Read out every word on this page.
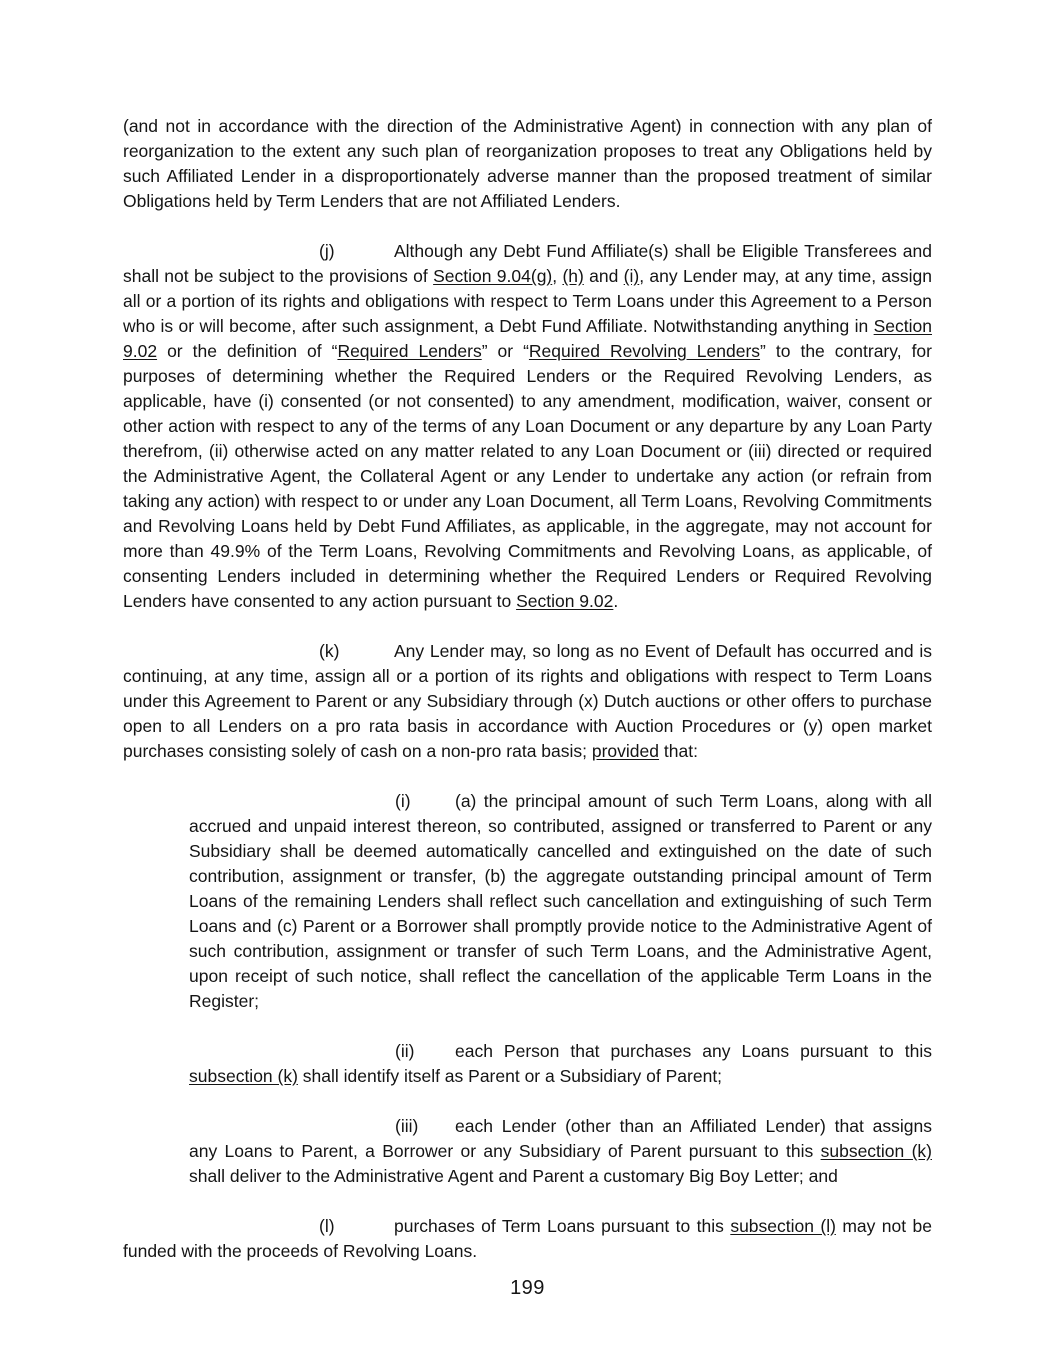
(and not in accordance with the direction of the Administrative Agent) in connection with any plan of reorganization to the extent any such plan of reorganization proposes to treat any Obligations held by such Affiliated Lender in a disproportionately adverse manner than the proposed treatment of similar Obligations held by Term Lenders that are not Affiliated Lenders.

(j)	Although any Debt Fund Affiliate(s) shall be Eligible Transferees and shall not be subject to the provisions of Section 9.04(g), (h) and (i), any Lender may, at any time, assign all or a portion of its rights and obligations with respect to Term Loans under this Agreement to a Person who is or will become, after such assignment, a Debt Fund Affiliate. Notwithstanding anything in Section 9.02 or the definition of “Required Lenders” or “Required Revolving Lenders” to the contrary, for purposes of determining whether the Required Lenders or the Required Revolving Lenders, as applicable, have (i) consented (or not consented) to any amendment, modification, waiver, consent or other action with respect to any of the terms of any Loan Document or any departure by any Loan Party therefrom, (ii) otherwise acted on any matter related to any Loan Document or (iii) directed or required the Administrative Agent, the Collateral Agent or any Lender to undertake any action (or refrain from taking any action) with respect to or under any Loan Document, all Term Loans, Revolving Commitments and Revolving Loans held by Debt Fund Affiliates, as applicable, in the aggregate, may not account for more than 49.9% of the Term Loans, Revolving Commitments and Revolving Loans, as applicable, of consenting Lenders included in determining whether the Required Lenders or Required Revolving Lenders have consented to any action pursuant to Section 9.02.

(k)	Any Lender may, so long as no Event of Default has occurred and is continuing, at any time, assign all or a portion of its rights and obligations with respect to Term Loans under this Agreement to Parent or any Subsidiary through (x) Dutch auctions or other offers to purchase open to all Lenders on a pro rata basis in accordance with Auction Procedures or (y) open market purchases consisting solely of cash on a non-pro rata basis; provided that:

(i)	(a) the principal amount of such Term Loans, along with all accrued and unpaid interest thereon, so contributed, assigned or transferred to Parent or any Subsidiary shall be deemed automatically cancelled and extinguished on the date of such contribution, assignment or transfer, (b) the aggregate outstanding principal amount of Term Loans of the remaining Lenders shall reflect such cancellation and extinguishing of such Term Loans and (c) Parent or a Borrower shall promptly provide notice to the Administrative Agent of such contribution, assignment or transfer of such Term Loans, and the Administrative Agent, upon receipt of such notice, shall reflect the cancellation of the applicable Term Loans in the Register;

(ii) each Person that purchases any Loans pursuant to this subsection (k) shall identify itself as Parent or a Subsidiary of Parent;

(iii) each Lender (other than an Affiliated Lender) that assigns any Loans to Parent, a Borrower or any Subsidiary of Parent pursuant to this subsection (k) shall deliver to the Administrative Agent and Parent a customary Big Boy Letter; and

(l)	purchases of Term Loans pursuant to this subsection (l) may not be funded with the proceeds of Revolving Loans.

199
